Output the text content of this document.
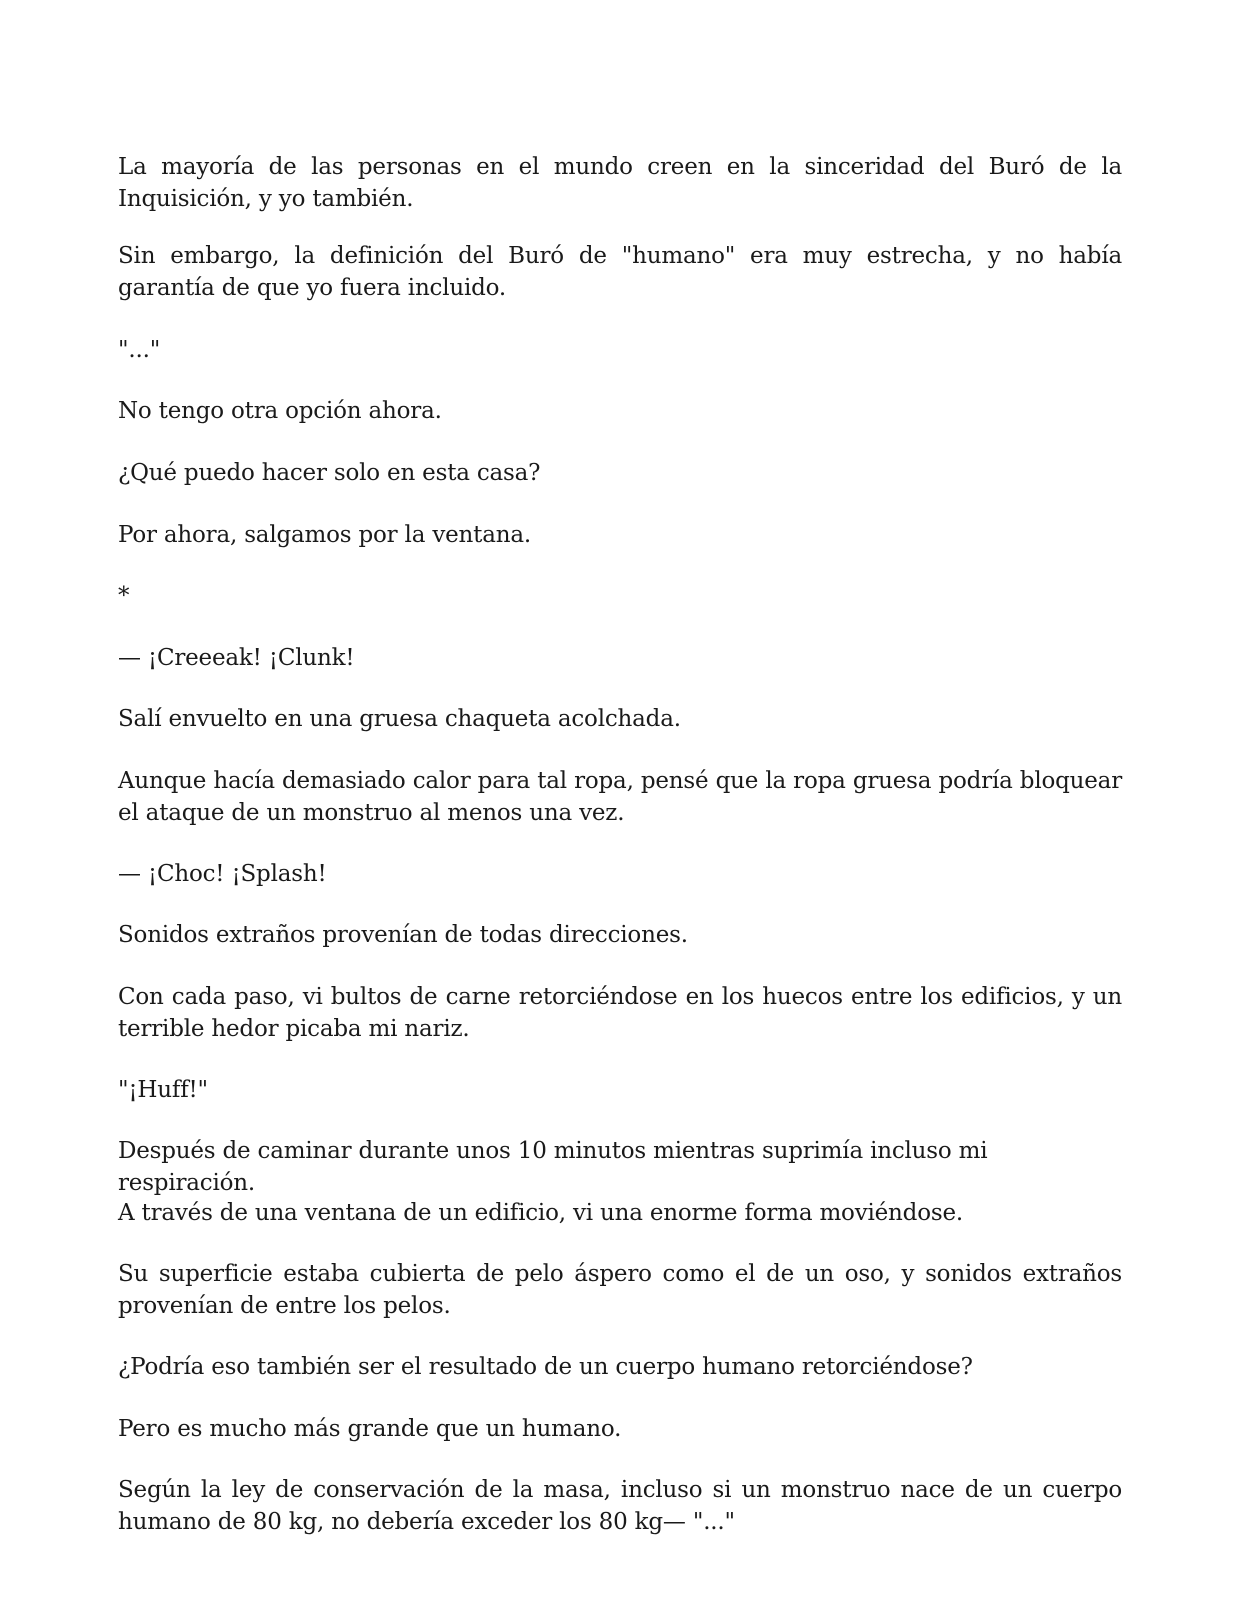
La mayoría de las personas en el mundo creen en la sinceridad del Buró de la Inquisición, y yo también.

Sin embargo, la definición del Buró de "humano" era muy estrecha, y no había garantía de que yo fuera incluido.

"..."

No tengo otra opción ahora.

¿Qué puedo hacer solo en esta casa?

Por ahora, salgamos por la ventana.

*

— ¡Creeeak! ¡Clunk!

Salí envuelto en una gruesa chaqueta acolchada.

Aunque hacía demasiado calor para tal ropa, pensé que la ropa gruesa podría bloquear el ataque de un monstruo al menos una vez.

— ¡Choc! ¡Splash!

Sonidos extraños provenían de todas direcciones.

Con cada paso, vi bultos de carne retorciéndose en los huecos entre los edificios, y un terrible hedor picaba mi nariz.

"¡Huff!"

Después de caminar durante unos 10 minutos mientras suprimía incluso mi respiración.

A través de una ventana de un edificio, vi una enorme forma moviéndose.

Su superficie estaba cubierta de pelo áspero como el de un oso, y sonidos extraños provenían de entre los pelos.

¿Podría eso también ser el resultado de un cuerpo humano retorciéndose?

Pero es mucho más grande que un humano.

Según la ley de conservación de la masa, incluso si un monstruo nace de un cuerpo humano de 80 kg, no debería exceder los 80 kg— "..."
